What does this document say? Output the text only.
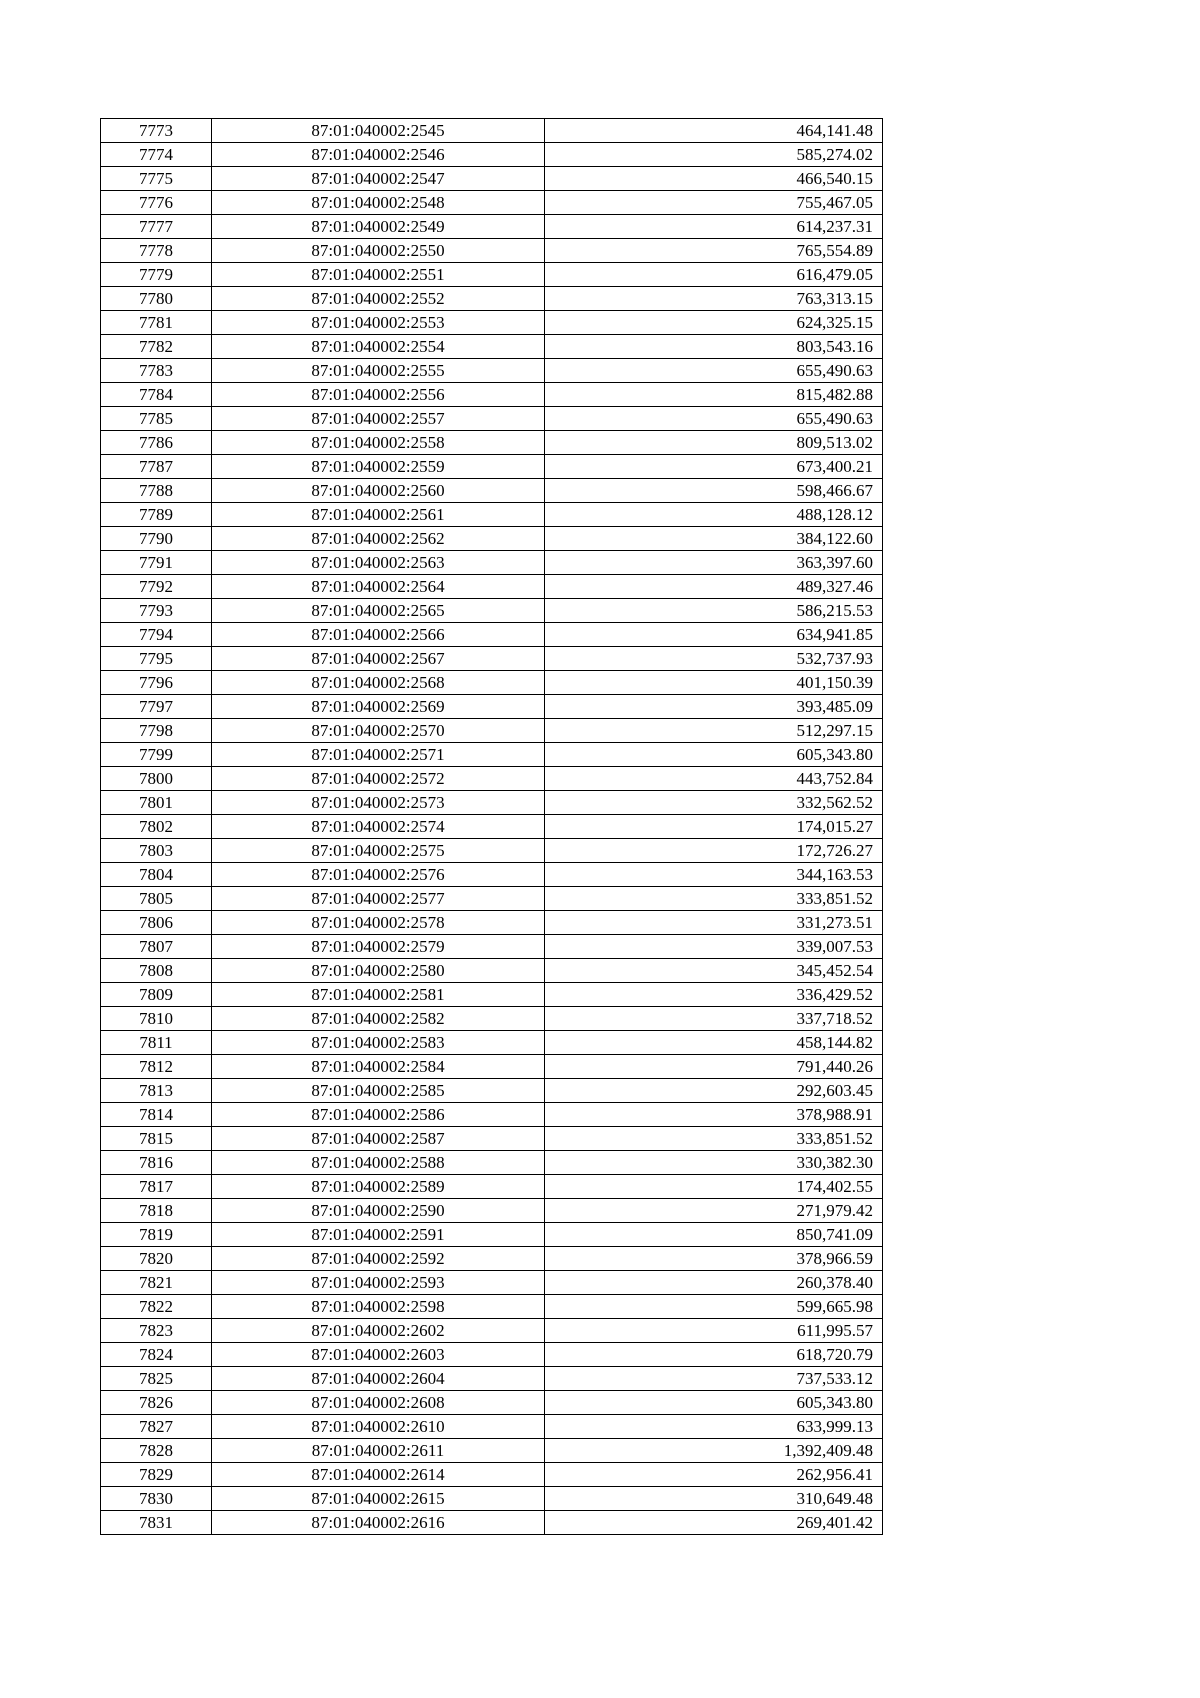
7773	87:01:040002:2545	464,141.48
7774	87:01:040002:2546	585,274.02
7775	87:01:040002:2547	466,540.15
7776	87:01:040002:2548	755,467.05
7777	87:01:040002:2549	614,237.31
7778	87:01:040002:2550	765,554.89
7779	87:01:040002:2551	616,479.05
7780	87:01:040002:2552	763,313.15
7781	87:01:040002:2553	624,325.15
7782	87:01:040002:2554	803,543.16
7783	87:01:040002:2555	655,490.63
7784	87:01:040002:2556	815,482.88
7785	87:01:040002:2557	655,490.63
7786	87:01:040002:2558	809,513.02
7787	87:01:040002:2559	673,400.21
7788	87:01:040002:2560	598,466.67
7789	87:01:040002:2561	488,128.12
7790	87:01:040002:2562	384,122.60
7791	87:01:040002:2563	363,397.60
7792	87:01:040002:2564	489,327.46
7793	87:01:040002:2565	586,215.53
7794	87:01:040002:2566	634,941.85
7795	87:01:040002:2567	532,737.93
7796	87:01:040002:2568	401,150.39
7797	87:01:040002:2569	393,485.09
7798	87:01:040002:2570	512,297.15
7799	87:01:040002:2571	605,343.80
7800	87:01:040002:2572	443,752.84
7801	87:01:040002:2573	332,562.52
7802	87:01:040002:2574	174,015.27
7803	87:01:040002:2575	172,726.27
7804	87:01:040002:2576	344,163.53
7805	87:01:040002:2577	333,851.52
7806	87:01:040002:2578	331,273.51
7807	87:01:040002:2579	339,007.53
7808	87:01:040002:2580	345,452.54
7809	87:01:040002:2581	336,429.52
7810	87:01:040002:2582	337,718.52
7811	87:01:040002:2583	458,144.82
7812	87:01:040002:2584	791,440.26
7813	87:01:040002:2585	292,603.45
7814	87:01:040002:2586	378,988.91
7815	87:01:040002:2587	333,851.52
7816	87:01:040002:2588	330,382.30
7817	87:01:040002:2589	174,402.55
7818	87:01:040002:2590	271,979.42
7819	87:01:040002:2591	850,741.09
7820	87:01:040002:2592	378,966.59
7821	87:01:040002:2593	260,378.40
7822	87:01:040002:2598	599,665.98
7823	87:01:040002:2602	611,995.57
7824	87:01:040002:2603	618,720.79
7825	87:01:040002:2604	737,533.12
7826	87:01:040002:2608	605,343.80
7827	87:01:040002:2610	633,999.13
7828	87:01:040002:2611	1,392,409.48
7829	87:01:040002:2614	262,956.41
7830	87:01:040002:2615	310,649.48
7831	87:01:040002:2616	269,401.42
